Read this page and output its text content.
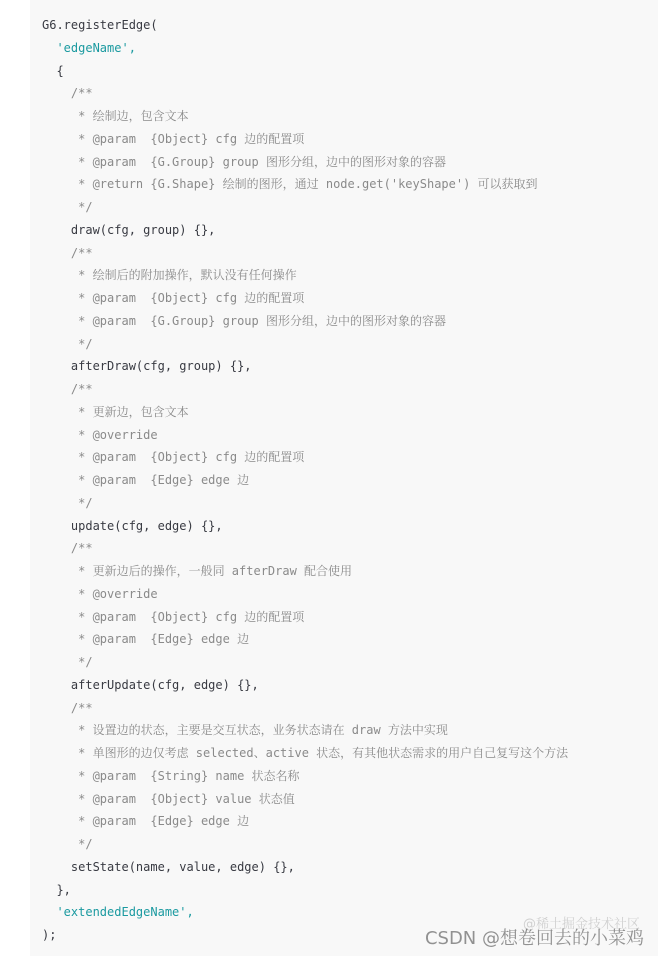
G6.registerEdge(
'edgeName',
{
/**
* 绘制边，包含文本
* @param  {Object} cfg 边的配置项
* @param  {G.Group} group 图形分组，边中的图形对象的容器
* @return {G.Shape} 绘制的图形，通过 node.get('keyShape') 可以获取到
*/
draw(cfg, group) {},
/**
* 绘制后的附加操作，默认没有任何操作
* @param  {Object} cfg 边的配置项
* @param  {G.Group} group 图形分组，边中的图形对象的容器
*/
afterDraw(cfg, group) {},
/**
* 更新边，包含文本
* @override
* @param  {Object} cfg 边的配置项
* @param  {Edge} edge 边
*/
update(cfg, edge) {},
/**
* 更新边后的操作，一般同 afterDraw 配合使用
* @override
* @param  {Object} cfg 边的配置项
* @param  {Edge} edge 边
*/
afterUpdate(cfg, edge) {},
/**
* 设置边的状态，主要是交互状态，业务状态请在 draw 方法中实现
* 单图形的边仅考虑 selected、active 状态，有其他状态需求的用户自己复写这个方法
* @param  {String} name 状态名称
* @param  {Object} value 状态值
* @param  {Edge} edge 边
*/
setState(name, value, edge) {},
},
'extendedEdgeName',
);
@稀土掘金技术社区
CSDN @想卷回去的小菜鸡
